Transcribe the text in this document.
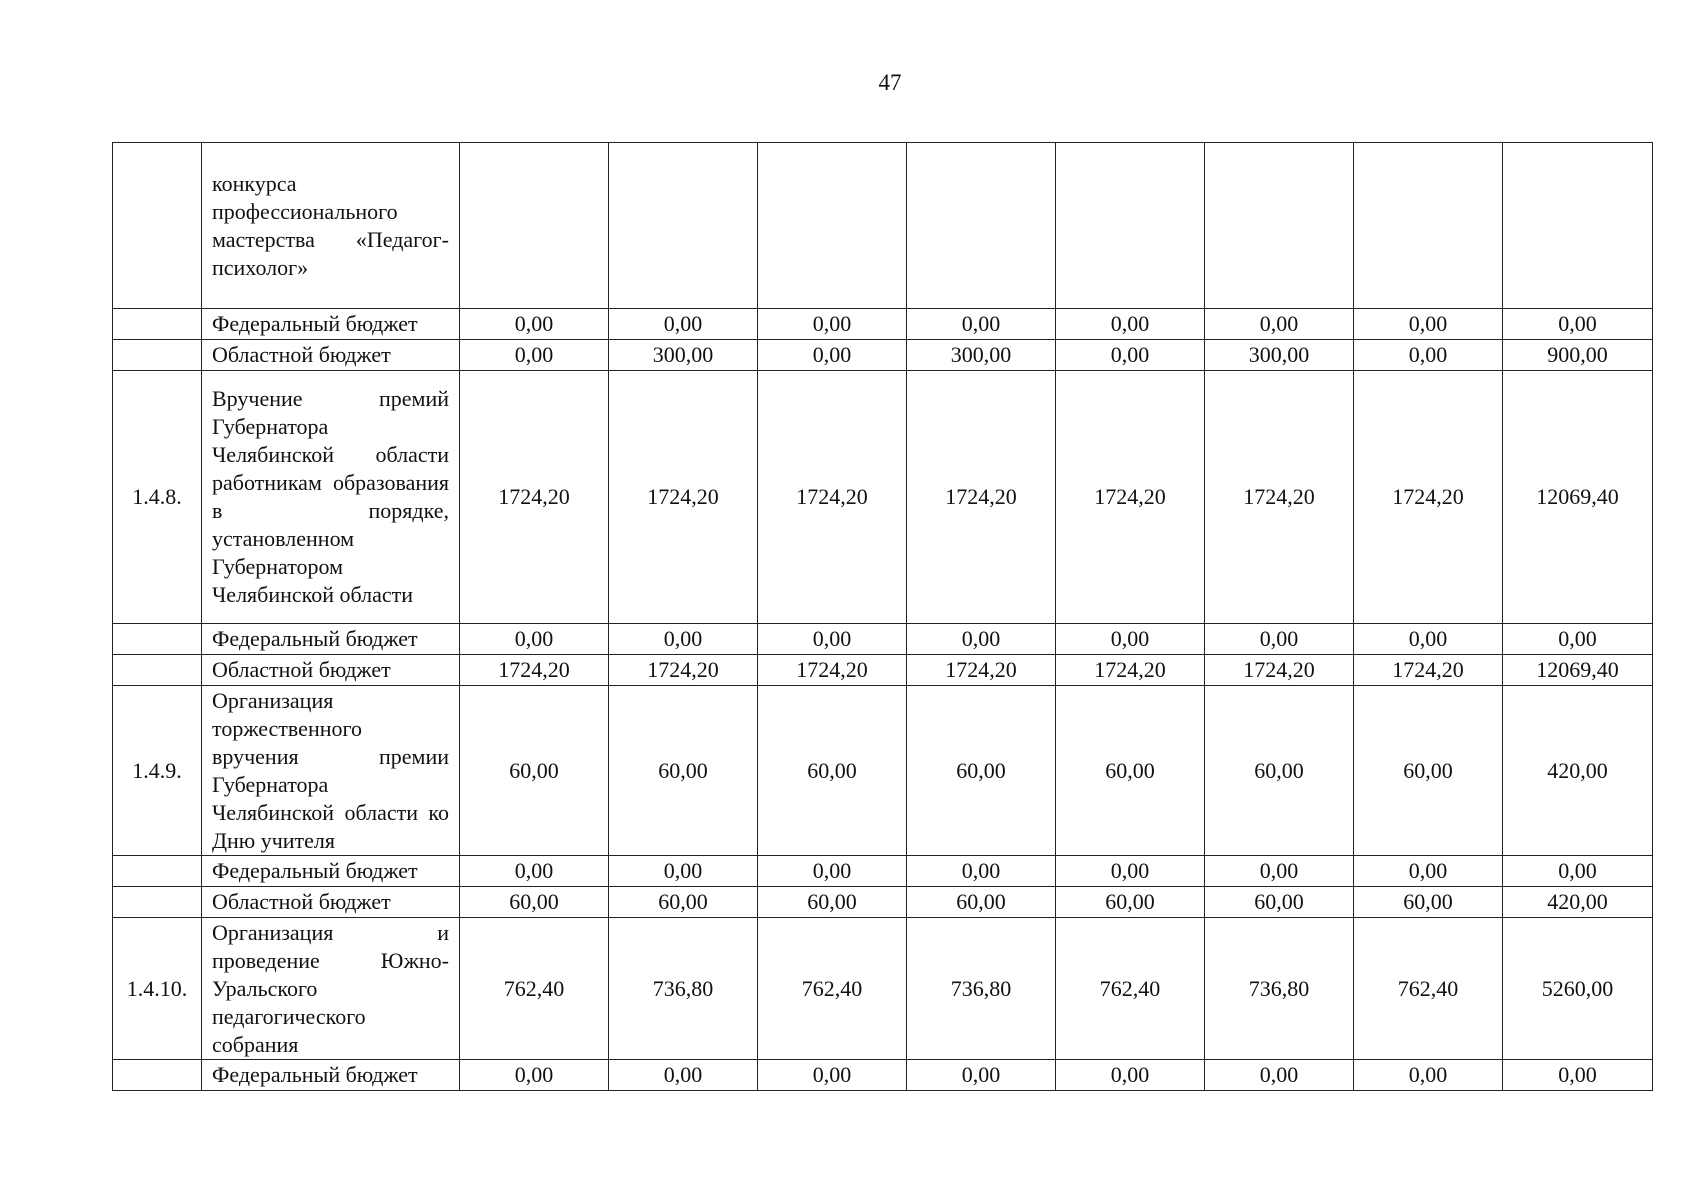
47
	конкурса профессионального мастерства «Педагог-психолог»								
	Федеральный бюджет	0,00	0,00	0,00	0,00	0,00	0,00	0,00	0,00
	Областной бюджет	0,00	300,00	0,00	300,00	0,00	300,00	0,00	900,00
1.4.8.	Вручение премий Губернатора Челябинской области работникам образования в порядке, установленном Губернатором Челябинской области	1724,20	1724,20	1724,20	1724,20	1724,20	1724,20	1724,20	12069,40
	Федеральный бюджет	0,00	0,00	0,00	0,00	0,00	0,00	0,00	0,00
	Областной бюджет	1724,20	1724,20	1724,20	1724,20	1724,20	1724,20	1724,20	12069,40
1.4.9.	Организация торжественного вручения премии Губернатора Челябинской области ко Дню учителя	60,00	60,00	60,00	60,00	60,00	60,00	60,00	420,00
	Федеральный бюджет	0,00	0,00	0,00	0,00	0,00	0,00	0,00	0,00
	Областной бюджет	60,00	60,00	60,00	60,00	60,00	60,00	60,00	420,00
1.4.10.	Организация и проведение Южно-Уральского педагогического собрания	762,40	736,80	762,40	736,80	762,40	736,80	762,40	5260,00
	Федеральный бюджет	0,00	0,00	0,00	0,00	0,00	0,00	0,00	0,00
